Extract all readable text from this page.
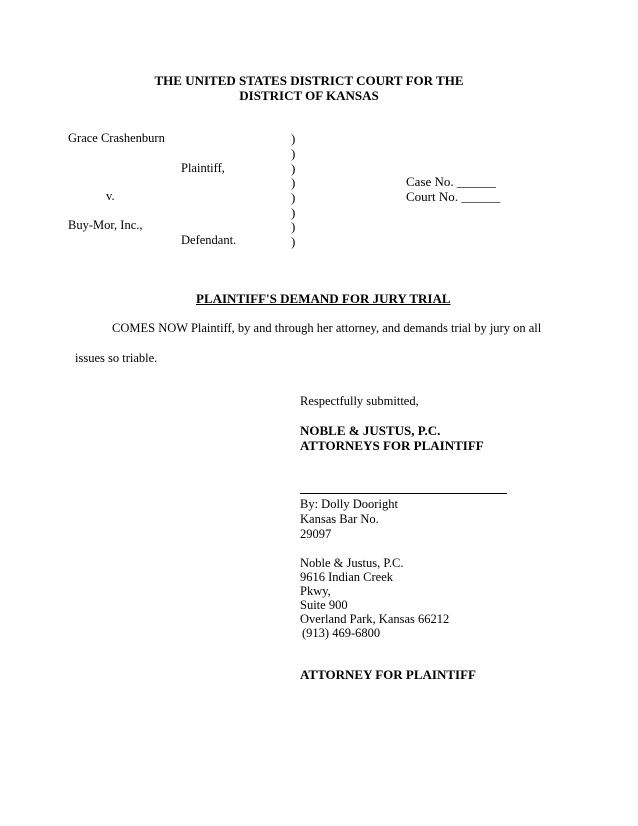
THE UNITED STATES DISTRICT COURT FOR THE
DISTRICT OF KANSAS
Grace Crashenburn
Plaintiff,
v.
Buy-Mor, Inc.,
Defendant.
)
)
)
)
)
)
)
)
Case No. ______
Court No. ______
PLAINTIFF'S DEMAND FOR JURY TRIAL
COMES NOW Plaintiff, by and through her attorney, and demands trial by jury on all
issues so triable.
Respectfully submitted,
NOBLE & JUSTUS, P.C.
ATTORNEYS FOR PLAINTIFF
By: Dolly Dooright
Kansas Bar No.
29097
Noble & Justus, P.C.
9616 Indian Creek
Pkwy,
Suite 900
Overland Park, Kansas 66212
(913) 469-6800
ATTORNEY FOR PLAINTIFF
